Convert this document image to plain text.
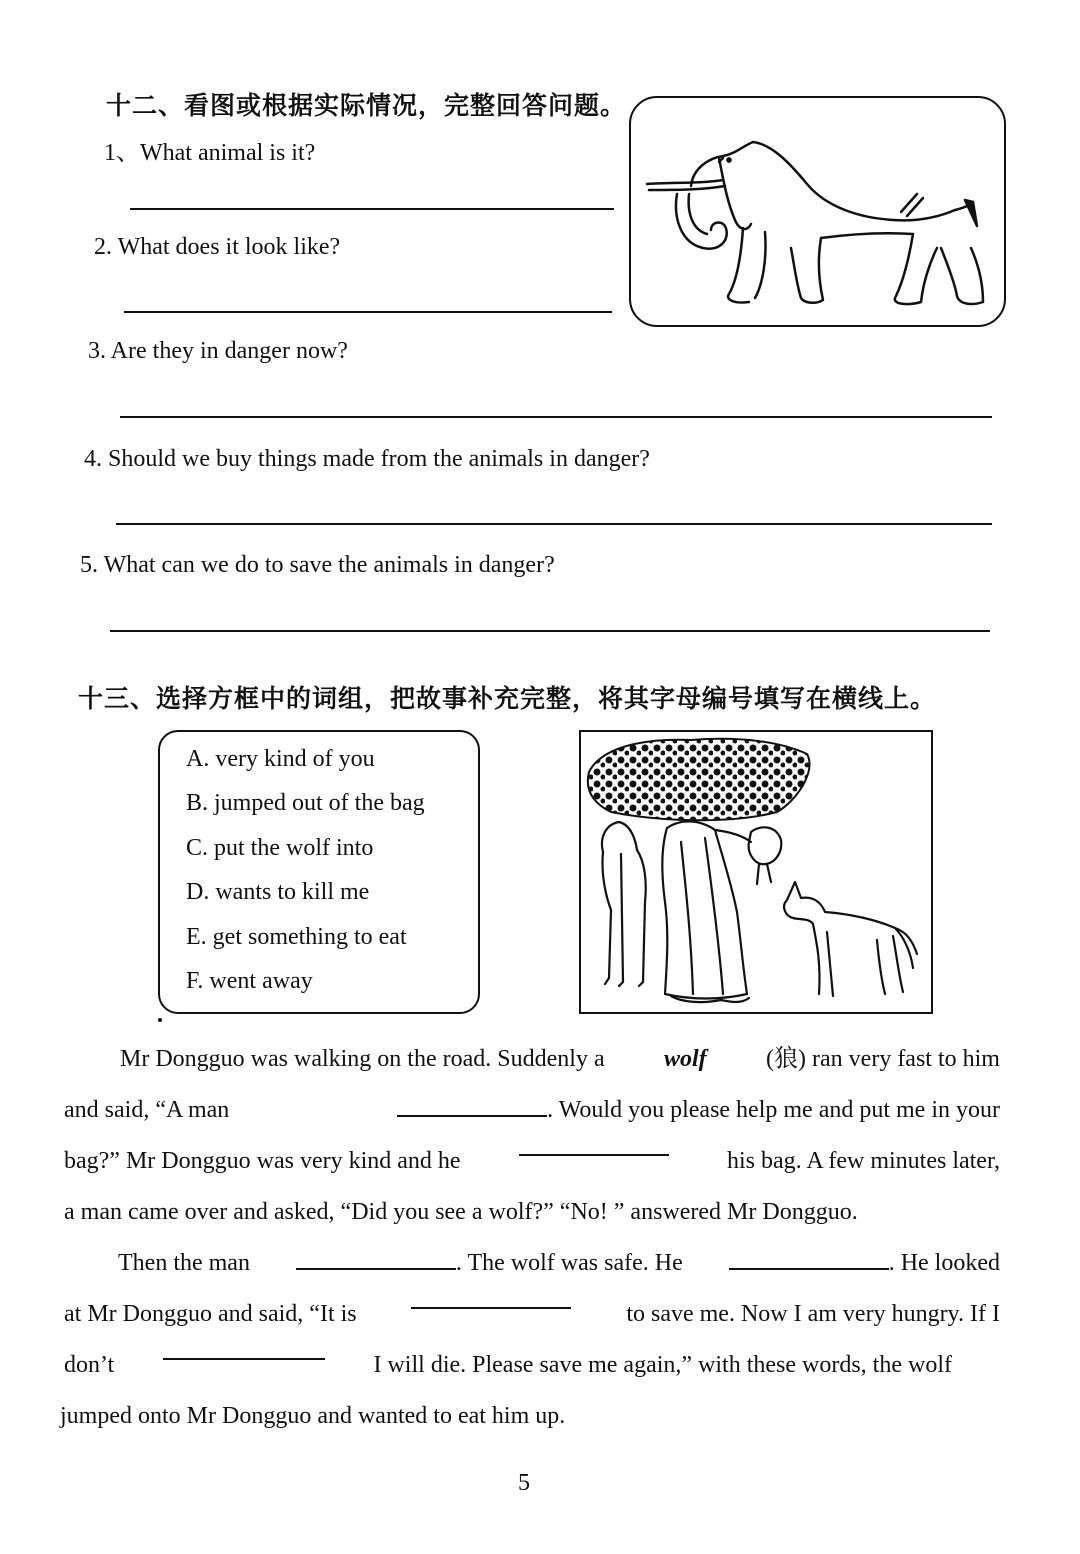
十二、看图或根据实际情况，完整回答问题。
1、What animal is it?
2. What does it look like?
3. Are they in danger now?
4. Should we buy things made from the animals in danger?
5. What can we do to save the animals in danger?
十三、选择方框中的词组，把故事补充完整，将其字母编号填写在横线上。
A. very kind of you
B. jumped out of the bag
C. put the wolf into
D. wants to kill me
E. get something to eat
F. went away
Mr Dongguo was walking on the road. Suddenly a wolf (狼) ran very fast to him
and said, “A man	. Would you please help me and put me in your
bag?” Mr Dongguo was very kind and he	his bag. A few minutes later,
a man came over and asked, “Did you see a wolf?” “No! ” answered Mr Dongguo.
Then the man	. The wolf was safe. He	. He looked
at Mr Dongguo and said, “It is	to save me. Now I am very hungry. If I
don’t	I will die. Please save me again,” with these words, the wolf
jumped onto Mr Dongguo and wanted to eat him up.
5
